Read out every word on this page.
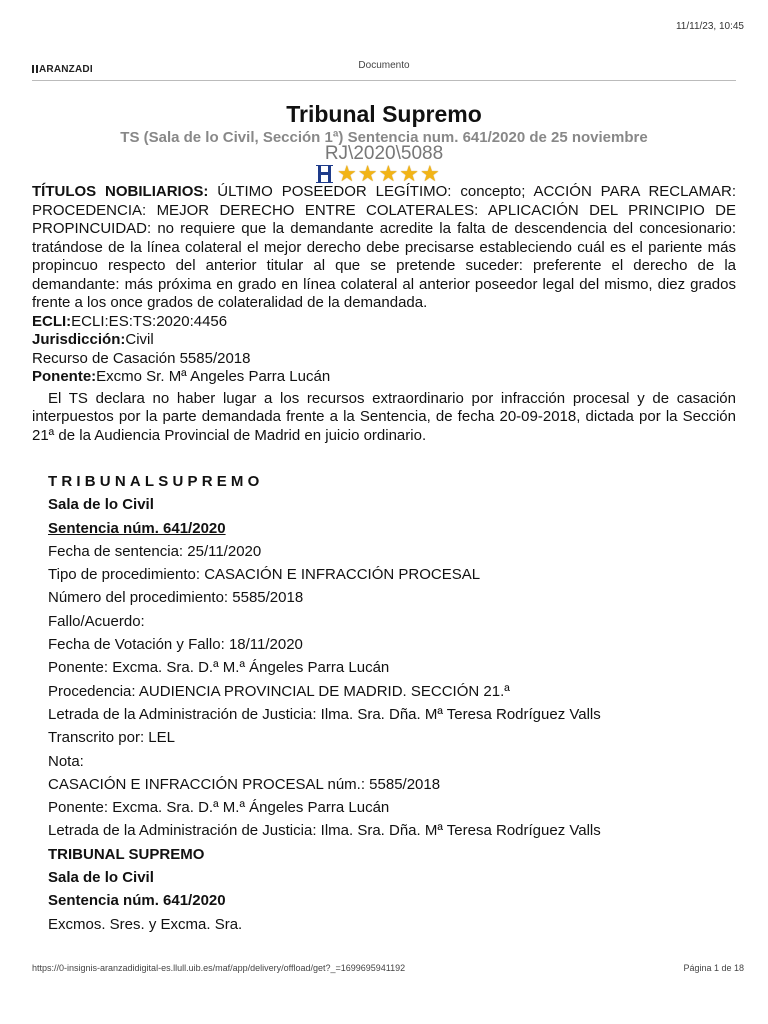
11/11/23, 10:45
ARANZADI	Documento
Tribunal Supremo
TS (Sala de lo Civil, Sección 1ª) Sentencia num. 641/2020 de 25 noviembre
RJ\2020\5088
★ ★ ★ ★ ★

TÍTULOS NOBILIARIOS: ÚLTIMO POSEEDOR LEGÍTIMO: concepto; ACCIÓN PARA RECLAMAR: PROCEDENCIA: MEJOR DERECHO ENTRE COLATERALES: APLICACIÓN DEL PRINCIPIO DE PROPINCUIDAD: no requiere que la demandante acredite la falta de descendencia del concesionario: tratándose de la línea colateral el mejor derecho debe precisarse estableciendo cuál es el pariente más propincuo respecto del anterior titular al que se pretende suceder: preferente el derecho de la demandante: más próxima en grado en línea colateral al anterior poseedor legal del mismo, diez grados frente a los once grados de colateralidad de la demandada.

ECLI:ECLI:ES:TS:2020:4456

Jurisdicción:Civil

Recurso de Casación 5585/2018

Ponente:Excmo Sr. Mª Angeles Parra Lucán

El TS declara no haber lugar a los recursos extraordinario por infracción procesal y de casación interpuestos por la parte demandada frente a la Sentencia, de fecha 20-09-2018, dictada por la Sección 21ª de la Audiencia Provincial de Madrid en juicio ordinario.

TRIBUNALSUPREMO
Sala de lo Civil
Sentencia núm. 641/2020
Fecha de sentencia: 25/11/2020
Tipo de procedimiento: CASACIÓN E INFRACCIÓN PROCESAL
Número del procedimiento: 5585/2018
Fallo/Acuerdo:
Fecha de Votación y Fallo: 18/11/2020
Ponente: Excma. Sra. D.ª M.ª Ángeles Parra Lucán
Procedencia: AUDIENCIA PROVINCIAL DE MADRID. SECCIÓN 21.ª
Letrada de la Administración de Justicia: Ilma. Sra. Dña. Mª Teresa Rodríguez Valls
Transcrito por: LEL
Nota:
CASACIÓN E INFRACCIÓN PROCESAL núm.: 5585/2018
Ponente: Excma. Sra. D.ª M.ª Ángeles Parra Lucán
Letrada de la Administración de Justicia: Ilma. Sra. Dña. Mª Teresa Rodríguez Valls
TRIBUNAL SUPREMO
Sala de lo Civil
Sentencia núm. 641/2020
Excmos. Sres. y Excma. Sra.
https://0-insignis-aranzadidigital-es.llull.uib.es/maf/app/delivery/offload/get?_=1699695941192	Página 1 de 18
